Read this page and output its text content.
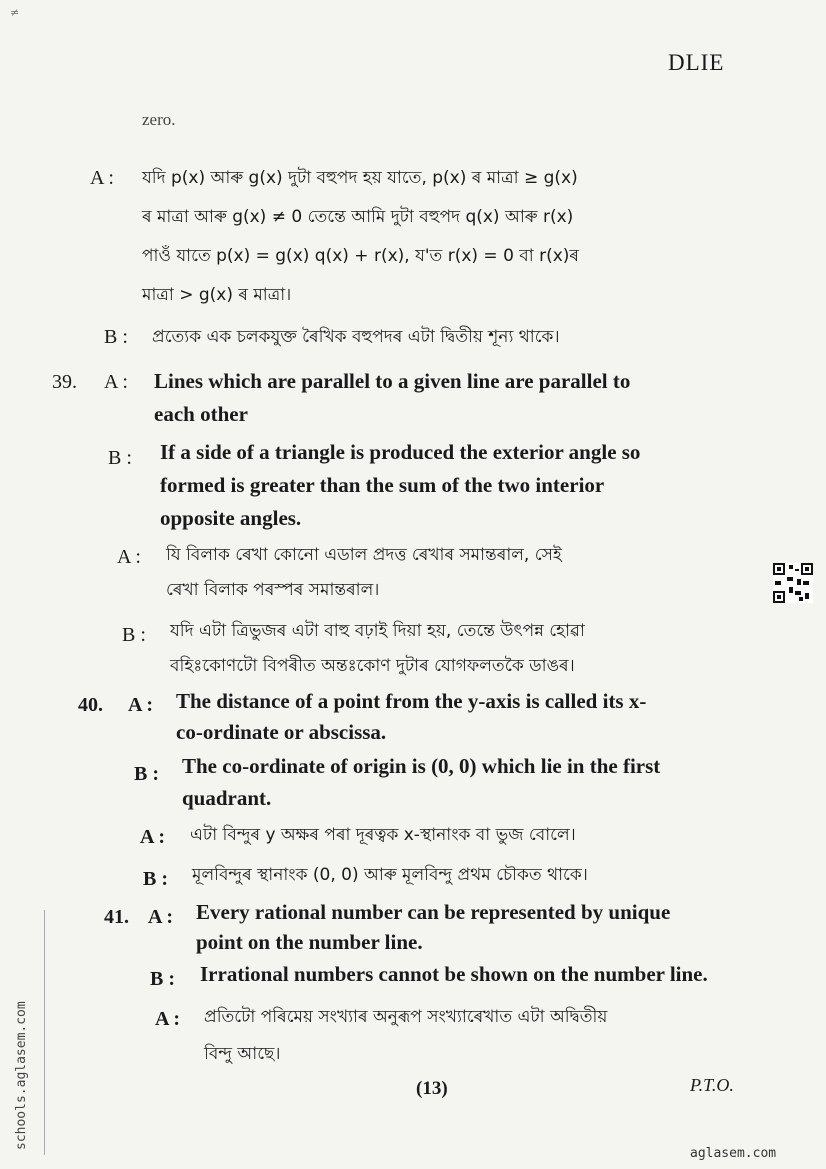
≠
DLIE
zero.
A : যদি p(x) আৰু g(x) দুটা বহুপদ হয় যাতে, p(x) ৰ মাত্ৰা ≥ g(x)
ৰ মাত্ৰা আৰু g(x) ≠ 0 তেন্তে আমি দুটা বহুপদ q(x) আৰু r(x)
পাওঁ যাতে p(x) = g(x) q(x) + r(x), য'ত r(x) = 0 বা r(x)ৰ
মাত্ৰা > g(x) ৰ মাত্ৰা।
B : প্ৰত্যেক এক চলকযুক্ত ৰৈখিক বহুপদৰ এটা দ্বিতীয় শূন্য থাকে।
39. A : Lines which are parallel to a given line are parallel to
each other
B : If a side of a triangle is produced the exterior angle so
formed is greater than the sum of the two interior
opposite angles.
A : যি বিলাক ৰেখা কোনো এডাল প্ৰদত্ত ৰেখাৰ সমান্তৰাল, সেই
ৰেখা বিলাক পৰস্পৰ সমান্তৰাল।
B : যদি এটা ত্ৰিভুজৰ এটা বাহু বঢ়াই দিয়া হয়, তেন্তে উৎপন্ন হোৱা
বহিঃকোণটো বিপৰীত অন্তঃকোণ দুটাৰ যোগফলতকৈ ডাঙৰ।
40. A : The distance of a point from the y-axis is called its x-
co-ordinate or abscissa.
B : The co-ordinate of origin is (0, 0) which lie in the first
quadrant.
A : এটা বিন্দুৰ y অক্ষৰ পৰা দূৰত্বক x-স্থানাংক বা ভুজ বোলে।
B : মূলবিন্দুৰ স্থানাংক (0, 0) আৰু মূলবিন্দু প্ৰথম চৌকত থাকে।
41. A : Every rational number can be represented by unique
point on the number line.
B : Irrational numbers cannot be shown on the number line.
A : প্ৰতিটো পৰিমেয় সংখ্যাৰ অনুৰূপ সংখ্যাৰেখাত এটা অদ্বিতীয়
বিন্দু আছে।
(13)	P.T.O.
schools.aglasem.com
aglasem.com
